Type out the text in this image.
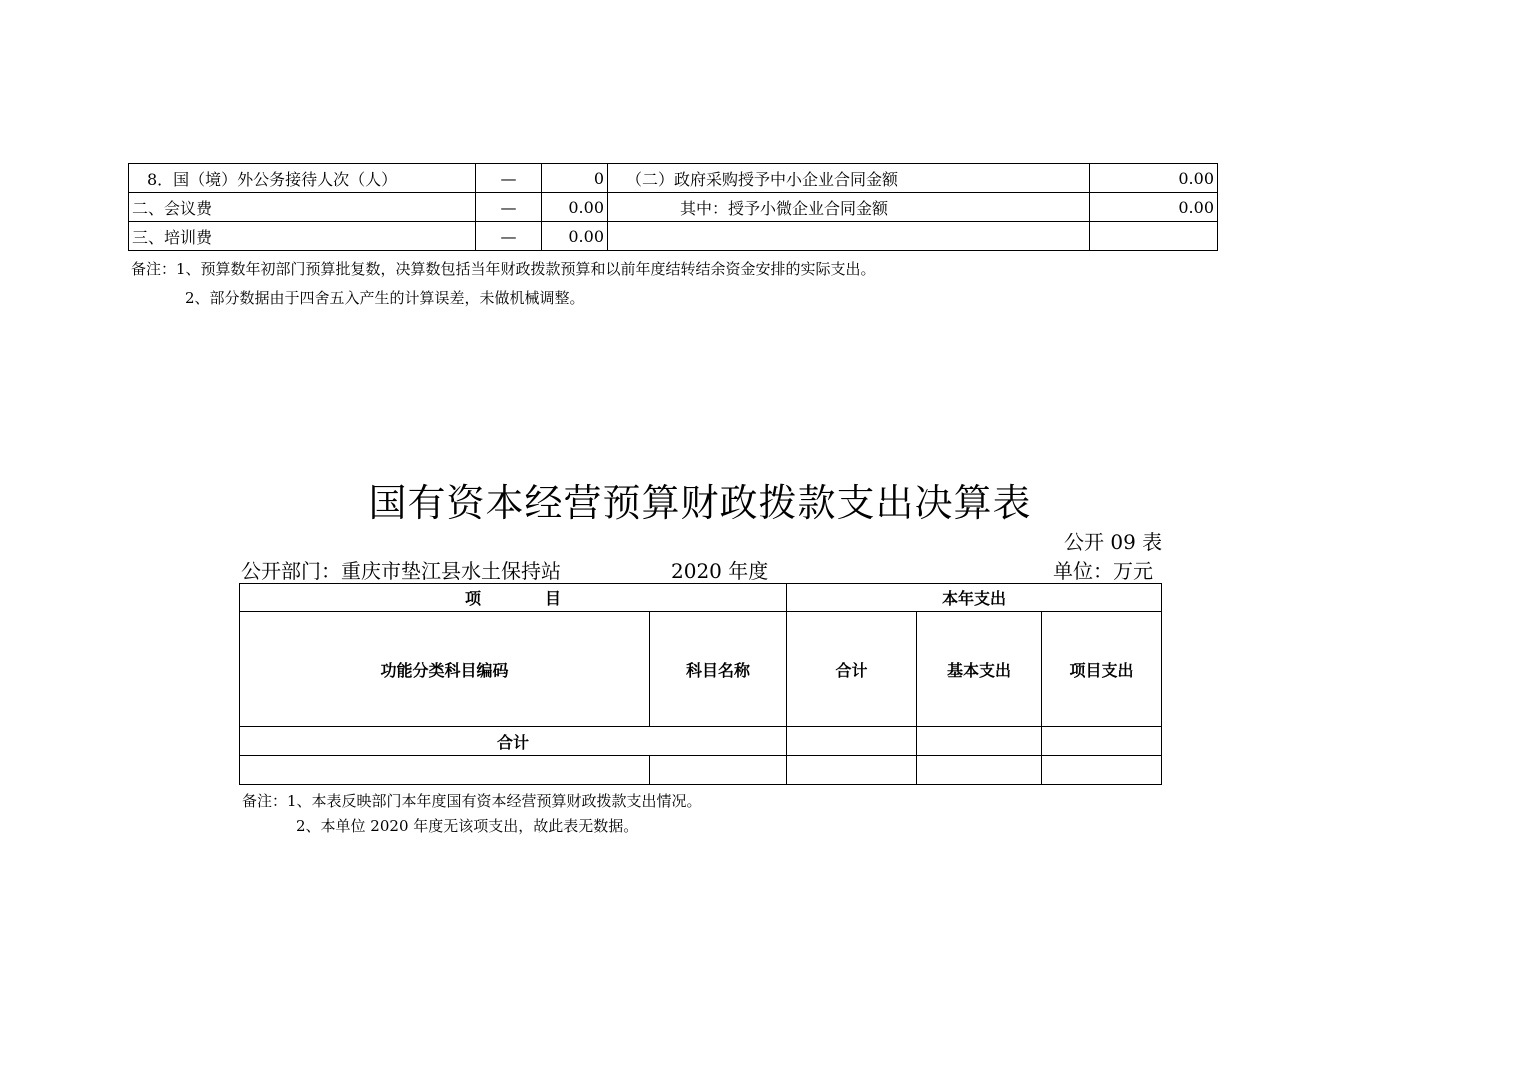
8．国（境）外公务接待人次（人）	—	0	（二）政府采购授予中小企业合同金额	0.00
二、会议费	—	0.00	其中：授予小微企业合同金额	0.00
三、培训费	—	0.00		
备注：1、预算数年初部门预算批复数，决算数包括当年财政拨款预算和以前年度结转结余资金安排的实际支出。
2、部分数据由于四舍五入产生的计算误差，未做机械调整。
国有资本经营预算财政拨款支出决算表
公开 09 表
公开部门：重庆市垫江县水土保持站	2020 年度	单位：万元
项　　　　目		本年支出		
功能分类科目编码	科目名称	合计	基本支出	项目支出
合计				

备注：1、本表反映部门本年度国有资本经营预算财政拨款支出情况。
2、本单位 2020 年度无该项支出，故此表无数据。
